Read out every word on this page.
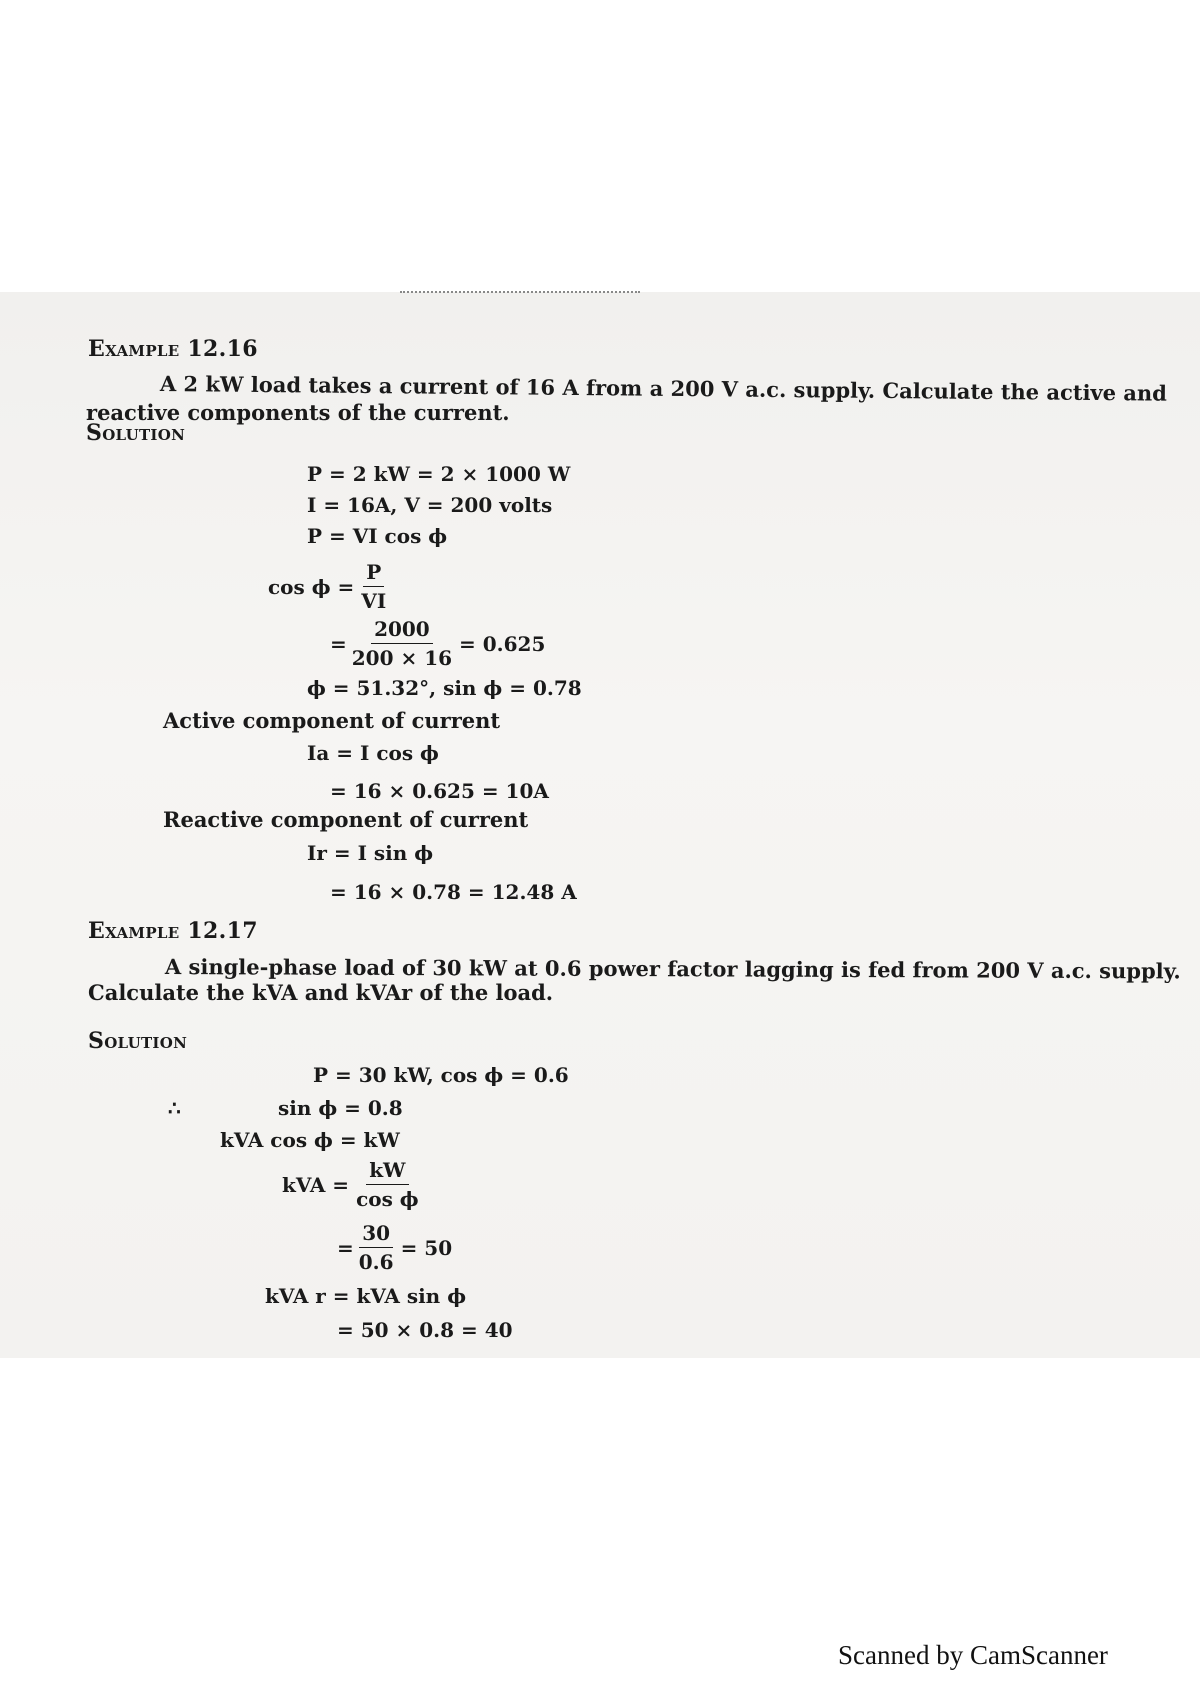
Example 12.16
A 2 kW load takes a current of 16 A from a 200 V a.c. supply. Calculate the active and
reactive components of the current.
Solution
P = 2 kW = 2 × 1000 W
I = 16A, V = 200 volts
P = VI cos ϕ
$\cos \phi = \frac{P}{VI}$
= $\frac{2000}{200 \times 16} = 0.625$
ϕ = 51.32°, sin ϕ = 0.78
Active component of current
Ia = I cos ϕ
= 16 × 0.625 = 10A
Reactive component of current
Ir = I sin ϕ
= 16 × 0.78 = 12.48 A
Example 12.17
A single-phase load of 30 kW at 0.6 power factor lagging is fed from 200 V a.c. supply.
Calculate the kVA and kVAr of the load.
Solution
P = 30 kW, cos ϕ = 0.6
∴	sin ϕ = 0.8
kVA cos ϕ = kW
kVA = $\frac{kW}{\text{cos ϕ}}$
= $\frac{30}{0.6} = 50$
kVA r = kVA sin ϕ
= 50 × 0.8 = 40
Scanned by CamScanner
